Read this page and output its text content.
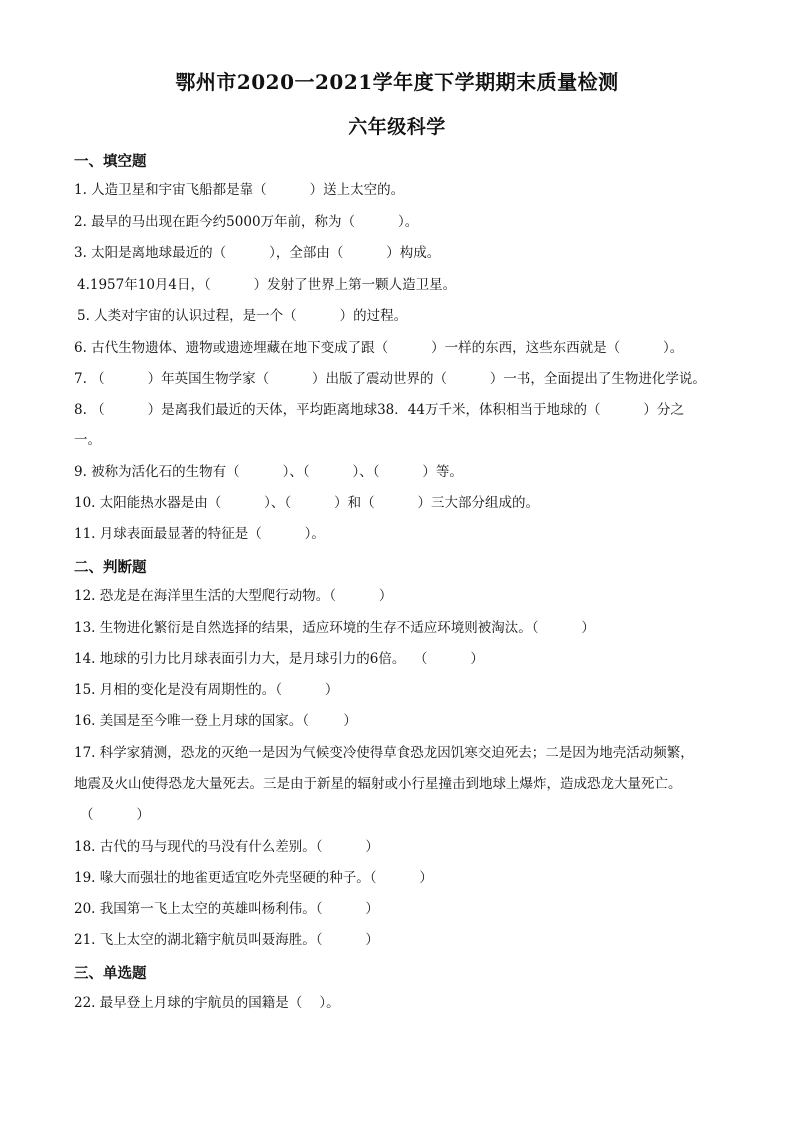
鄂州市2020一2021学年度下学期期末质量检测
六年级科学
一、填空题
1. 人造卫星和宇宙飞船都是靠（          ）送上太空的。
2. 最早的马出现在距今约5000万年前，称为（          ）。
3. 太阳是离地球最近的（          ），全部由（          ）构成。
4.1957年10月4日，（          ）发射了世界上第一颗人造卫星。
5. 人类对宇宙的认识过程，是一个（          ）的过程。
6. 古代生物遗体、遗物或遗迹埋藏在地下变成了跟（          ）一样的东西，这些东西就是（          ）。
7. （          ）年英国生物学家（          ）出版了震动世界的（          ）一书，全面提出了生物进化学说。
8. （          ）是离我们最近的天体，平均距离地球38．44万千米，体积相当于地球的（          ）分之
一。
9. 被称为活化石的生物有（          ）、（          ）、（          ）等。
10. 太阳能热水器是由（          ）、（          ）和（          ）三大部分组成的。
11. 月球表面最显著的特征是（          ）。
二、判断题
12. 恐龙是在海洋里生活的大型爬行动物。（          ）
13. 生物进化繁衍是自然选择的结果，适应环境的生存不适应环境则被淘汰。（          ）
14. 地球的引力比月球表面引力大，是月球引力的6倍。  （          ）
15. 月相的变化是没有周期性的。（          ）
16. 美国是至今唯一登上月球的国家。（        ）
17. 科学家猜测，恐龙的灭绝一是因为气候变冷使得草食恐龙因饥寒交迫死去；二是因为地壳活动频繁，
地震及火山使得恐龙大量死去。三是由于新星的辐射或小行星撞击到地球上爆炸，造成恐龙大量死亡。
（          ）
18. 古代的马与现代的马没有什么差别。（          ）
19. 喙大而强壮的地雀更适宜吃外壳坚硬的种子。（          ）
20. 我国第一飞上太空的英雄叫杨利伟。（          ）
21. 飞上太空的湖北籍宇航员叫聂海胜。（          ）
三、单选题
22. 最早登上月球的宇航员的国籍是（    ）。
